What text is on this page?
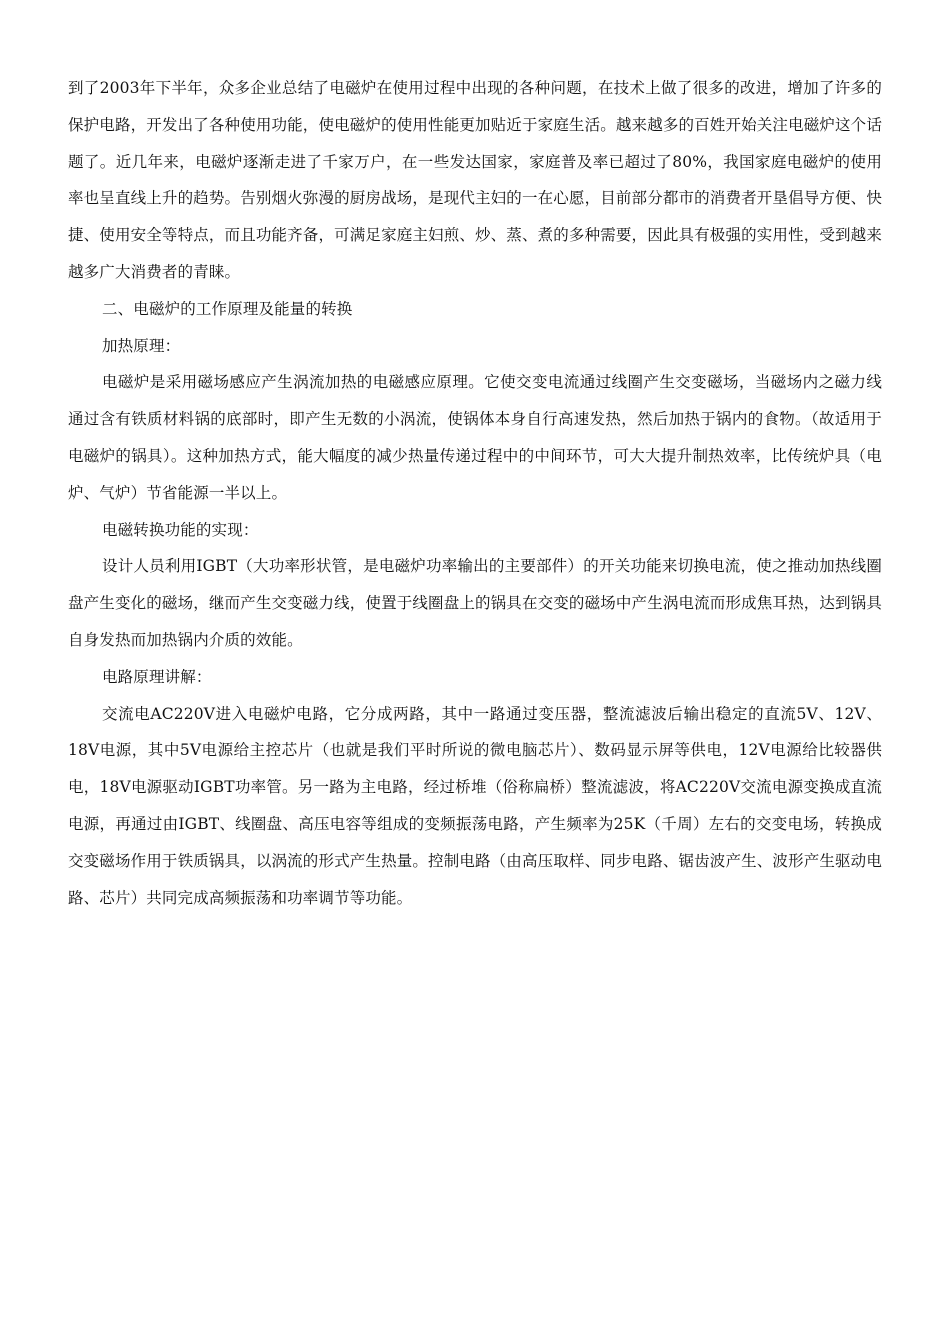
到了2003年下半年，众多企业总结了电磁炉在使用过程中出现的各种问题，在技术上做了很多的改进，增加了许多的保护电路，开发出了各种使用功能，使电磁炉的使用性能更加贴近于家庭生活。越来越多的百姓开始关注电磁炉这个话题了。近几年来，电磁炉逐渐走进了千家万户，在一些发达国家，家庭普及率已超过了80%，我国家庭电磁炉的使用率也呈直线上升的趋势。告别烟火弥漫的厨房战场，是现代主妇的一在心愿，目前部分都市的消费者开垦倡导方便、快捷、使用安全等特点，而且功能齐备，可满足家庭主妇煎、炒、蒸、煮的多种需要，因此具有极强的实用性，受到越来越多广大消费者的青睐。

二、电磁炉的工作原理及能量的转换

加热原理：

电磁炉是采用磁场感应产生涡流加热的电磁感应原理。它使交变电流通过线圈产生交变磁场，当磁场内之磁力线通过含有铁质材料锅的底部时，即产生无数的小涡流，使锅体本身自行高速发热，然后加热于锅内的食物。（故适用于电磁炉的锅具）。这种加热方式，能大幅度的减少热量传递过程中的中间环节，可大大提升制热效率，比传统炉具（电炉、气炉）节省能源一半以上。

电磁转换功能的实现：

设计人员利用IGBT（大功率形状管，是电磁炉功率输出的主要部件）的开关功能来切换电流，使之推动加热线圈盘产生变化的磁场，继而产生交变磁力线，使置于线圈盘上的锅具在交变的磁场中产生涡电流而形成焦耳热，达到锅具自身发热而加热锅内介质的效能。

电路原理讲解：

交流电AC220V进入电磁炉电路，它分成两路，其中一路通过变压器，整流滤波后输出稳定的直流5V、12V、18V电源，其中5V电源给主控芯片（也就是我们平时所说的微电脑芯片）、数码显示屏等供电，12V电源给比较器供电，18V电源驱动IGBT功率管。另一路为主电路，经过桥堆（俗称扁桥）整流滤波，将AC220V交流电源变换成直流电源，再通过由IGBT、线圈盘、高压电容等组成的变频振荡电路，产生频率为25K（千周）左右的交变电场，转换成交变磁场作用于铁质锅具，以涡流的形式产生热量。控制电路（由高压取样、同步电路、锯齿波产生、波形产生驱动电路、芯片）共同完成高频振荡和功率调节等功能。
